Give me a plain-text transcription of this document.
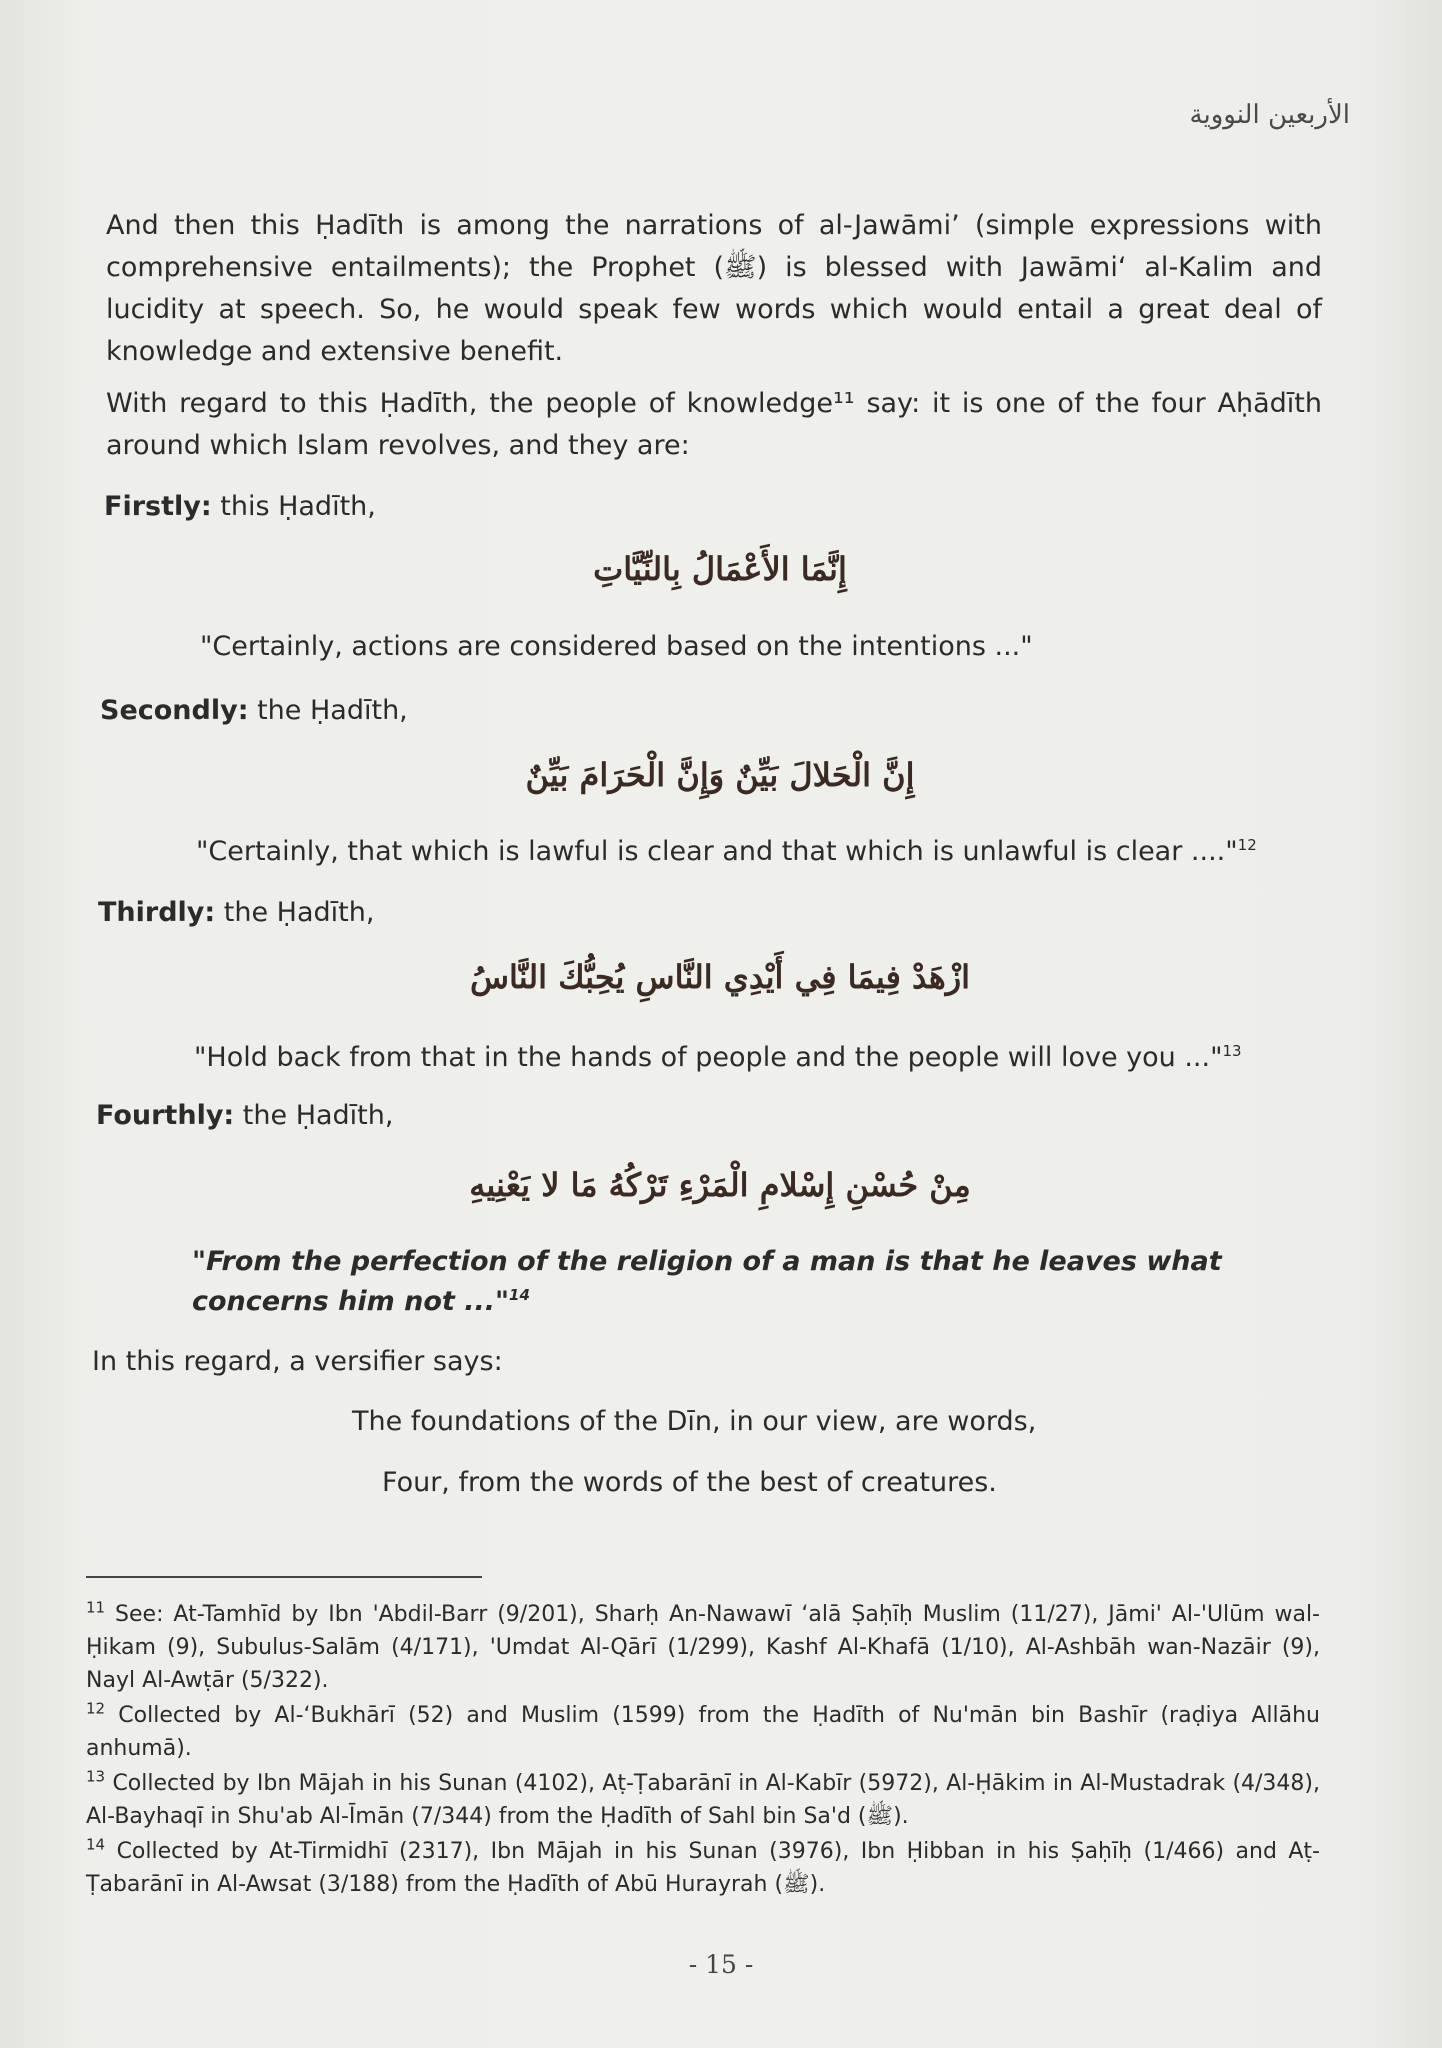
الأربعين النووية
And then this Ḥadīth is among the narrations of al-Jawāmi’ (simple expressions with comprehensive entailments); the Prophet (ﷺ) is blessed with Jawāmi‘ al-Kalim and lucidity at speech. So, he would speak few words which would entail a great deal of knowledge and extensive benefit.
With regard to this Ḥadīth, the people of knowledge¹¹ say: it is one of the four Aḥādīth around which Islam revolves, and they are:
Firstly: this Ḥadīth,
إِنَّمَا الأَعْمَالُ بِالنِّيَّاتِ
"Certainly, actions are considered based on the intentions ..."
Secondly: the Ḥadīth,
إِنَّ الْحَلالَ بَيِّنٌ وَإِنَّ الْحَرَامَ بَيِّنٌ
"Certainly, that which is lawful is clear and that which is unlawful is clear ...."$^{12}$
Thirdly: the Ḥadīth,
ازْهَدْ فِيمَا فِي أَيْدِي النَّاسِ يُحِبُّكَ النَّاسُ
"Hold back from that in the hands of people and the people will love you ..."$^{13}$
Fourthly: the Ḥadīth,
مِنْ حُسْنِ إِسْلامِ الْمَرْءِ تَرْكُهُ مَا لا يَعْنِيهِ
"From the perfection of the religion of a man is that he leaves what concerns him not ..."$^{14}$
In this regard, a versifier says:
The foundations of the Dīn, in our view, are words,
Four, from the words of the best of creatures.
$^{11}$ See: At-Tamhīd by Ibn 'Abdil-Barr (9/201), Sharḥ An-Nawawī ‘alā Ṣaḥīḥ Muslim (11/27), Jāmi' Al-'Ulūm wal-Ḥikam (9), Subulus-Salām (4/171), 'Umdat Al-Qārī (1/299), Kashf Al-Khafā (1/10), Al-Ashbāh wan-Nazāir (9), Nayl Al-Awṭār (5/322).
$^{12}$ Collected by Al-‘Bukhārī (52) and Muslim (1599) from the Ḥadīth of Nu'mān bin Bashīr (raḍiya Allāhu anhumā).
$^{13}$ Collected by Ibn Mājah in his Sunan (4102), Aṭ-Ṭabarānī in Al-Kabīr (5972), Al-Ḥākim in Al-Mustadrak (4/348), Al-Bayhaqī in Shu'ab Al-Īmān (7/344) from the Ḥadīth of Sahl bin Sa'd (ﷺ).
$^{14}$ Collected by At-Tirmidhī (2317), Ibn Mājah in his Sunan (3976), Ibn Ḥibban in his Ṣaḥīḥ (1/466) and Aṭ-Ṭabarānī in Al-Awsat (3/188) from the Ḥadīth of Abū Hurayrah (ﷺ).
- 15 -
